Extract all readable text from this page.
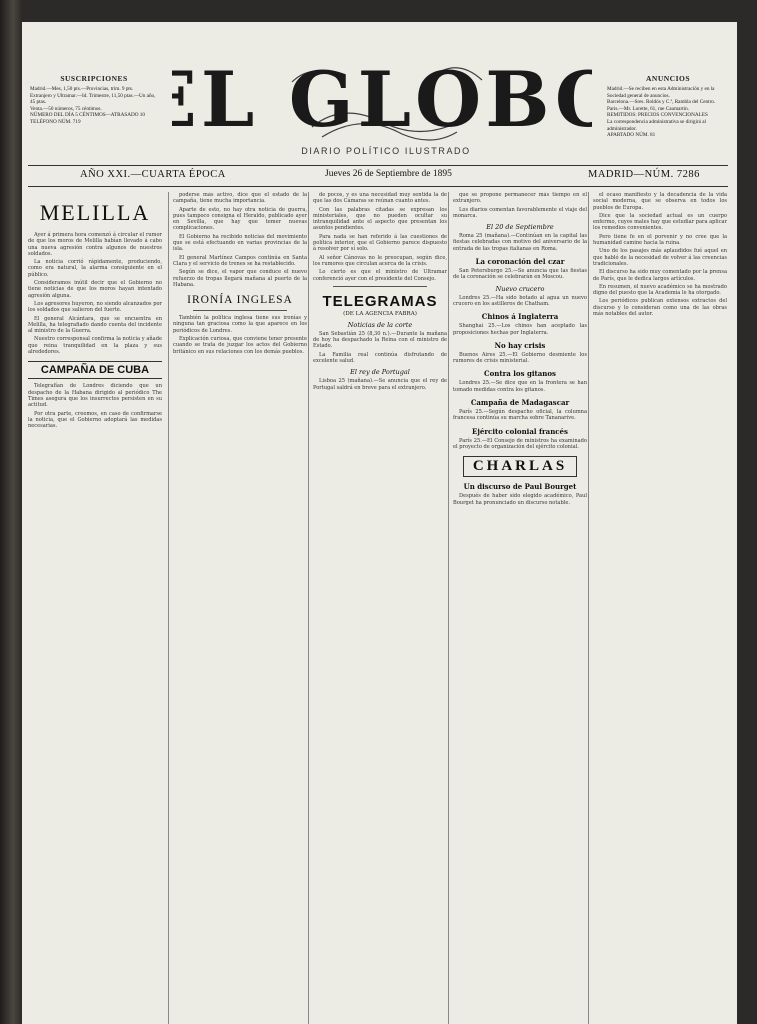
SUSCRIPCIONES

Madrid.—Mes, 1,50 pts.—Provincias, trim. 9 pts.

Extranjero y Ultramar.—Id. Trimestre, 11,50 ptas.—Un año, 45 ptas.

Venta.—50 números, 75 céntimos.

NÚMERO DEL DÍA 5 CÉNTIMOS—ATRASADO 10

TELÉFONO NÚM. 719	L GLOBO
DIARIO POLÍTICO ILUSTRADO
ANUNCIOS

Madrid.—Se reciben en esta Administración y en la Sociedad general de anuncios.

Barcelona.—Sres. Roldós y C.ª, Rambla del Centro.

Paris.—Mr. Lorette, 61, rue Caumartin.

REMITIDOS: PRECIOS CONVENCIONALES

La correspondencia administrativa se dirigirá al administrador.

APARTADO NÚM. 81

AÑO XXI.—CUARTA ÉPOCA	Jueves 26 de Septiembre de 1895	MADRID—NÚM. 7286
MELILLA

Ayer á primera hora comenzó á circular el rumor de que los moros de Melilla habían llevado á cabo una nueva agresión contra algunos de nuestros soldados.

La noticia corrió rápidamente, produciendo, como era natural, la alarma consiguiente en el público.

Consideramos inútil decir que el Gobierno no tiene noticias de que los moros hayan intentado agresión alguna.

Los agresores huyeron, no siendo alcanzados por los soldados que salieron del fuerte.

El general Alcántara, que se encuentra en Melilla, ha telegrafiado dando cuenta del incidente al ministro de la Guerra.

Nuestro corresponsal confirma la noticia y añade que reina tranquilidad en la plaza y sus alrededores.

CAMPAÑA DE CUBA

Telegrafían de Londres diciendo que un despacho de la Habana dirigido al periódico The Times asegura que los insurrectos persisten en su actitud.

Por otra parte, creemos, en caso de confirmarse la noticia, que el Gobierno adoptará las medidas necesarias.

poderse más activo, dice que el estado de la campaña, tiene mucha importancia.

Aparte de esto, no hay otra noticia de guerra, pues tampoco consigna el Heraldo, publicado ayer en Sevilla, que hay que temer nuevas complicaciones.

El Gobierno ha recibido noticias del movimiento que se está efectuando en varias provincias de la isla.

El general Martínez Campos continúa en Santa Clara y el servicio de trenes se ha restablecido.

Según se dice, el vapor que conduce el nuevo refuerzo de tropas llegará mañana al puerto de la Habana.

IRONÍA INGLESA

También la política inglesa tiene sus ironías y ninguna tan graciosa como la que aparece en los periódicos de Londres.

Explicación curiosa, que conviene tener presente cuando se trata de juzgar los actos del Gobierno británico en sus relaciones con los demás pueblos.

de pocos, y es una necesidad muy sentida la de que las dos Cámaras se reúnan cuanto antes.

Con las palabras citadas se expresan los ministeriales, que no pueden ocultar su intranquilidad ante el aspecto que presentan los asuntos pendientes.

Para nada se han referido á las cuestiones de política interior, que el Gobierno parece dispuesto á resolver por sí solo.

Al señor Cánovas no le preocupan, según dice, los rumores que circulan acerca de la crisis.

Lo cierto es que el ministro de Ultramar conferenció ayer con el presidente del Consejo.

TELEGRAMAS
(DE LA AGENCIA FABRA)
Noticias de la corte

San Sebastián 25 (8,30 n.).—Durante la mañana de hoy ha despachado la Reina con el ministro de Estado.

La Familia real continúa disfrutando de excelente salud.

El rey de Portugal

Lisboa 25 (mañana).—Se anuncia que el rey de Portugal saldrá en breve para el extranjero.

que se propone permanecer más tiempo en el extranjero.

Los diarios comentan favorablemente el viaje del monarca.

El 20 de Septiembre

Roma 25 (mañana).—Continúan en la capital las fiestas celebradas con motivo del aniversario de la entrada de las tropas italianas en Roma.

La coronación del czar

San Petersburgo 25.—Se anuncia que las fiestas de la coronación se celebrarán en Moscou.

Nuevo crucero

Londres 25.—Ha sido botado al agua un nuevo crucero en los astilleros de Chatham.

Chinos á Inglaterra

Shanghai 25.—Los chinos han aceptado las proposiciones hechas por Inglaterra.

No hay crisis

Buenos Aires 25.—El Gobierno desmiente los rumores de crisis ministerial.

Contra los gitanos

Londres 25.—Se dice que en la frontera se han tomado medidas contra los gitanos.

Campaña de Madagascar

París 25.—Según despacho oficial, la columna francesa continúa su marcha sobre Tananarive.

Ejército colonial francés

París 25.—El Consejo de ministros ha examinado el proyecto de organización del ejército colonial.

CHARLAS
Un discurso de Paul Bourget

Después de haber sido elegido académico, Paul Bourget ha pronunciado un discurso notable.

el ocaso manifiesto y la decadencia de la vida social moderna, que se observa en todos los pueblos de Europa.

Dice que la sociedad actual es un cuerpo enfermo, cuyos males hay que estudiar para aplicar los remedios convenientes.

Pero tiene fe en el porvenir y no cree que la humanidad camine hacia la ruina.

Uno de los pasajes más aplaudidos fué aquel en que habló de la necesidad de volver á las creencias tradicionales.

El discurso ha sido muy comentado por la prensa de París, que le dedica largos artículos.

En resumen, el nuevo académico se ha mostrado digno del puesto que la Academia le ha otorgado.

Los periódicos publican extensos extractos del discurso y lo consideran como una de las obras más notables del autor.
